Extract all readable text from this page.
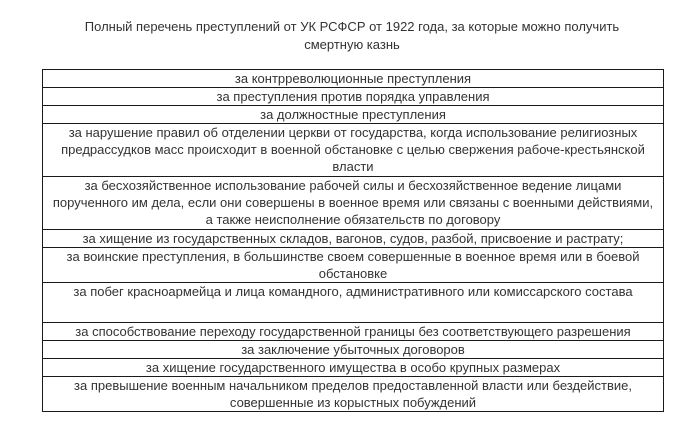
Полный перечень преступлений от УК РСФСР от 1922 года, за которые можно получить
смертную казнь
за контрреволюционные преступления
за преступления против порядка управления
за должностные преступления
за нарушение правил об отделении церкви от государства, когда использование религиозных предрассудков масс происходит в военной обстановке с целью свержения рабоче-крестьянской власти
за бесхозяйственное использование рабочей силы и бесхозяйственное ведение лицами порученного им дела, если они совершены в военное время или связаны с военными действиями, а также неисполнение обязательств по договору
за хищение из государственных складов, вагонов, судов, разбой, присвоение и растрату;
за воинские преступления, в большинстве своем совершенные в военное время или в боевой обстановке
за побег красноармейца и лица командного, административного или комиссарского состава
за способствование переходу государственной границы без соответствующего разрешения
за заключение убыточных договоров
за хищение государственного имущества в особо крупных размерах
за превышение военным начальником пределов предоставленной власти или бездействие, совершенные из корыстных побуждений
